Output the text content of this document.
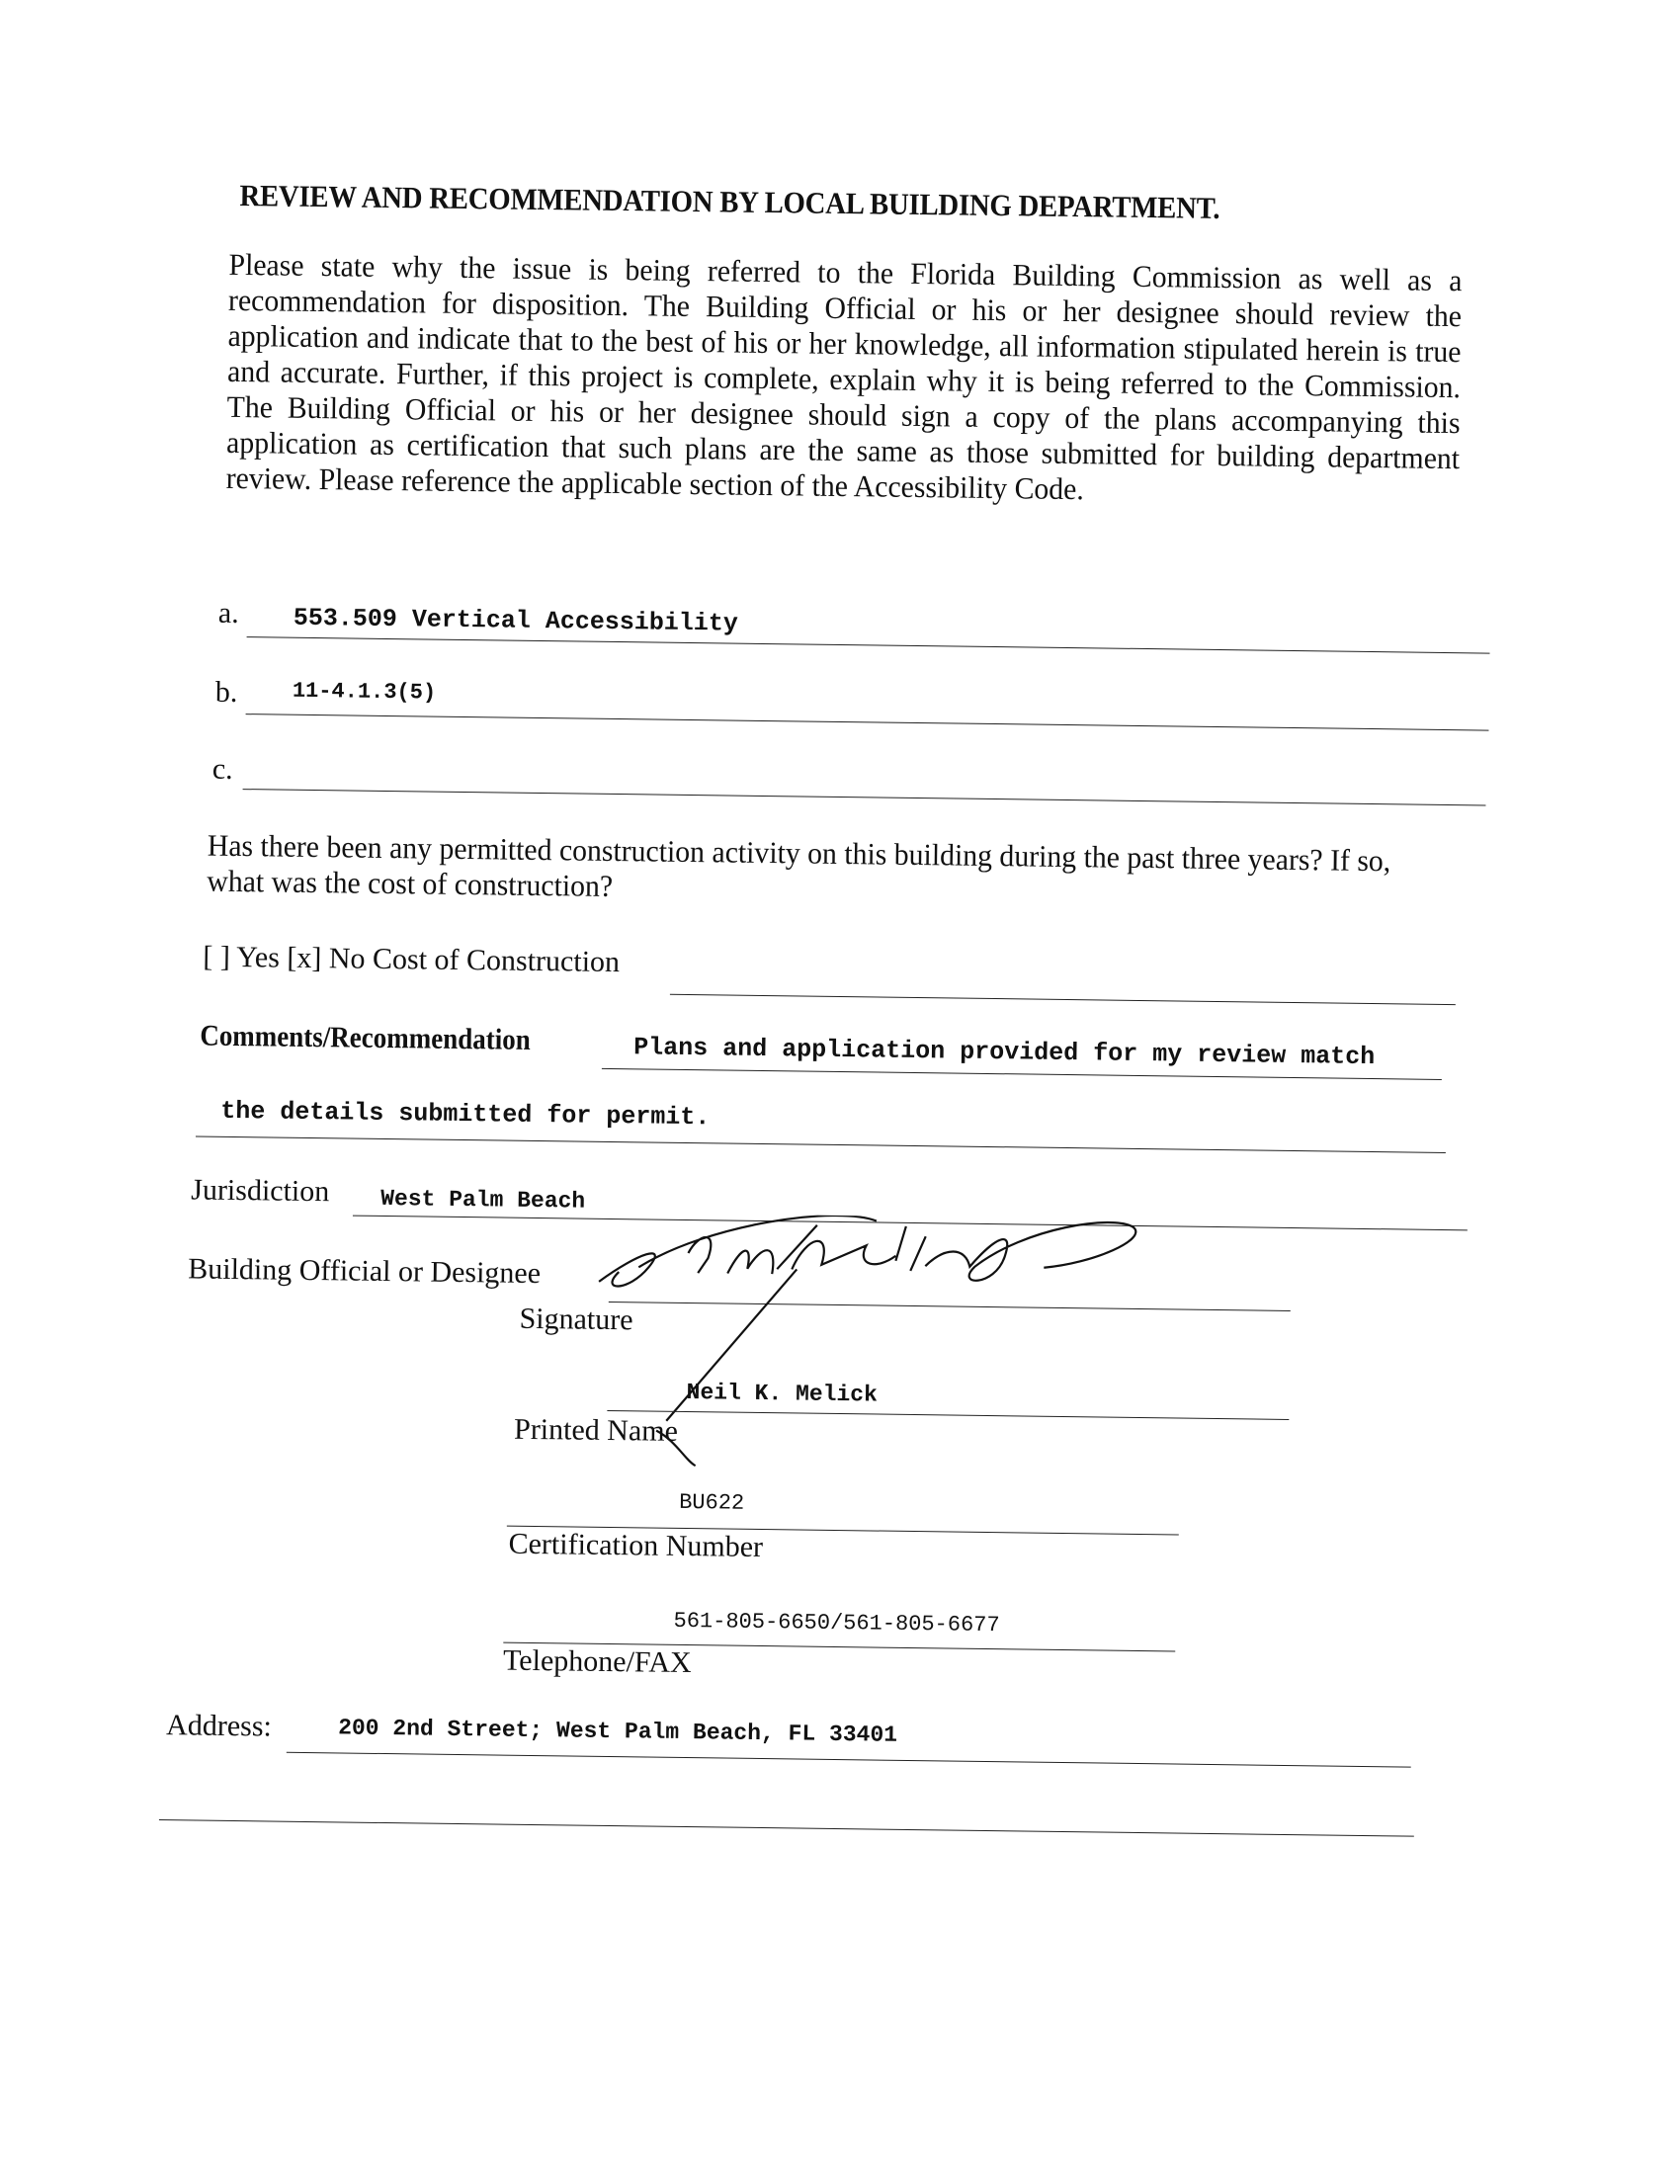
REVIEW AND RECOMMENDATION BY LOCAL BUILDING DEPARTMENT.
Please state why the issue is being referred to the Florida Building Commission as well as a recommendation for disposition. The Building Official or his or her designee should review the application and indicate that to the best of his or her knowledge, all information stipulated herein is true and accurate. Further, if this project is complete, explain why it is being referred to the Commission. The Building Official or his or her designee should sign a copy of the plans accompanying this application as certification that such plans are the same as those submitted for building department review. Please reference the applicable section of the Accessibility Code.
a. 553.509 Vertical Accessibility
b.	11-4.1.3(5)
c.
Has there been any permitted construction activity on this building during the past three years? If so, what was the cost of construction?
[ ] Yes [x] No Cost of Construction
Comments/Recommendation	Plans and application provided for my review match
the details submitted for permit.
Jurisdiction West Palm Beach
Building Official or Designee
Signature
Neil K. Melick
Printed Name
BU622
Certification Number
561-805-6650/561-805-6677
Telephone/FAX
Address:	200 2nd Street; West Palm Beach, FL 33401
